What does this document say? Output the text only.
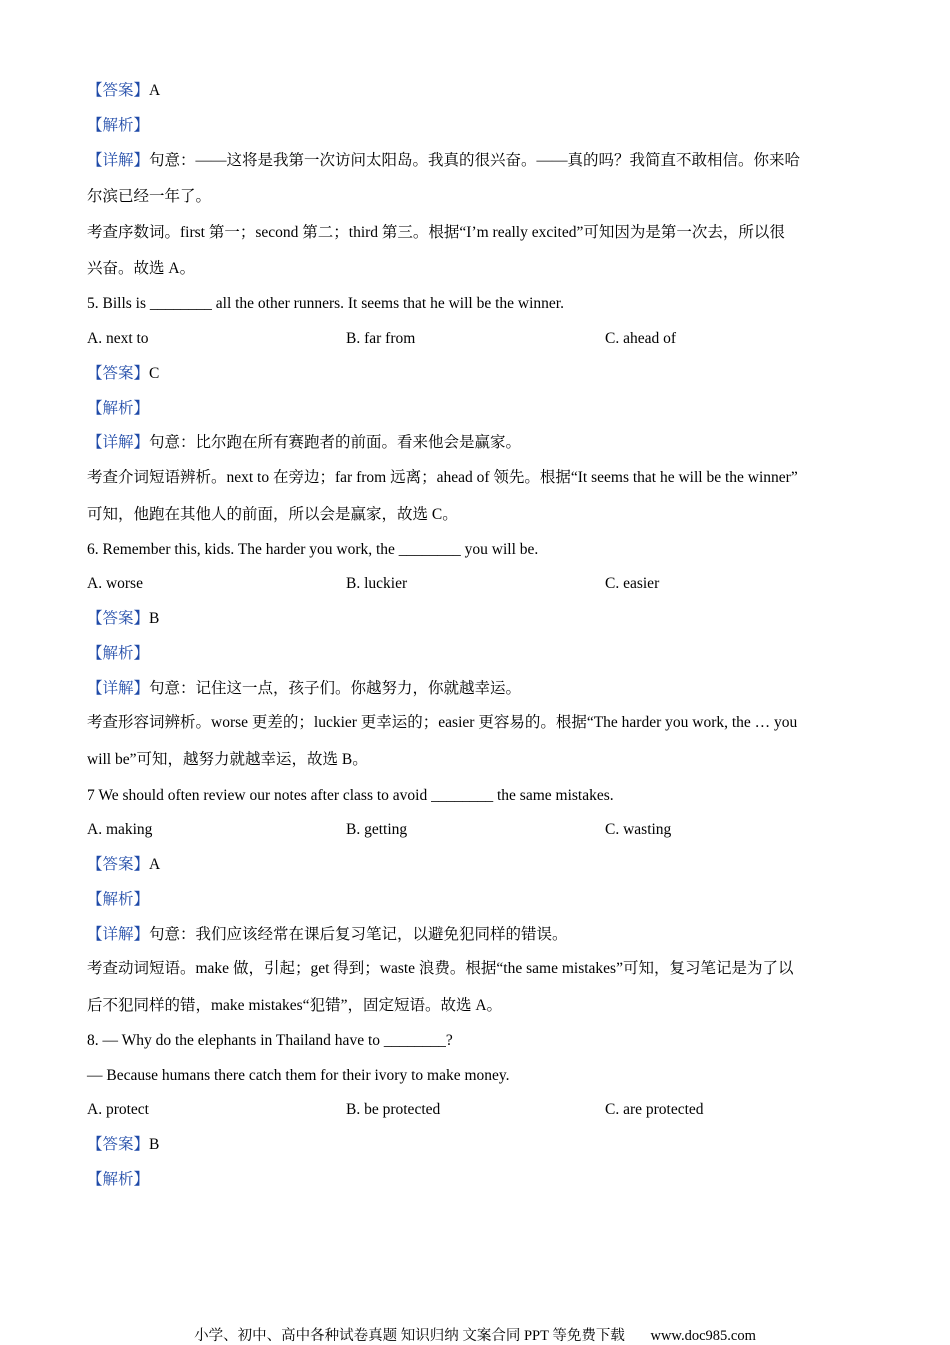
【答案】A
【解析】
【详解】句意：——这将是我第一次访问太阳岛。我真的很兴奋。——真的吗？我简直不敢相信。你来哈
尔滨已经一年了。
考查序数词。first 第一；second 第二；third 第三。根据“I’m really excited”可知因为是第一次去，所以很
兴奋。故选 A。
5. Bills is ________ all the other runners. It seems that he will be the winner.
A. next to	B. far from	C. ahead of
【答案】C
【解析】
【详解】句意：比尔跑在所有赛跑者的前面。看来他会是赢家。
考查介词短语辨析。next to 在旁边；far from 远离；ahead of 领先。根据“It seems that he will be the winner”
可知，他跑在其他人的前面，所以会是赢家，故选 C。
6. Remember this, kids. The harder you work, the ________ you will be.
A. worse	B. luckier	C. easier
【答案】B
【解析】
【详解】句意：记住这一点，孩子们。你越努力，你就越幸运。
考查形容词辨析。worse 更差的；luckier 更幸运的；easier 更容易的。根据“The harder you work, the … you
will be”可知，越努力就越幸运，故选 B。
7 We should often review our notes after class to avoid ________ the same mistakes.
A. making	B. getting	C. wasting
【答案】A
【解析】
【详解】句意：我们应该经常在课后复习笔记，以避免犯同样的错误。
考查动词短语。make 做，引起；get 得到；waste 浪费。根据“the same mistakes”可知，复习笔记是为了以
后不犯同样的错，make mistakes“犯错”，固定短语。故选 A。
8. — Why do the elephants in Thailand have to ________?
— Because humans there catch them for their ivory to make money.
A. protect	B. be protected	C. are protected
【答案】B
【解析】
小学、初中、高中各种试卷真题 知识归纳 文案合同 PPT 等免费下载 www.doc985.com
